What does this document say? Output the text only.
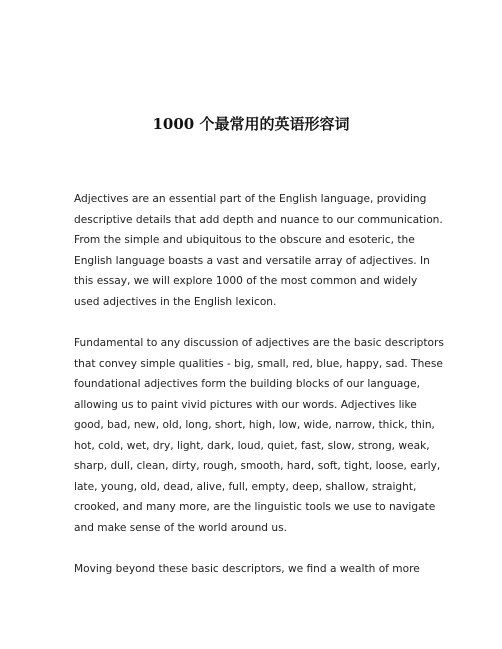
1000 个最常用的英语形容词

Adjectives are an essential part of the English language, providing
descriptive details that add depth and nuance to our communication.
From the simple and ubiquitous to the obscure and esoteric, the
English language boasts a vast and versatile array of adjectives. In
this essay, we will explore 1000 of the most common and widely
used adjectives in the English lexicon.

Fundamental to any discussion of adjectives are the basic descriptors
that convey simple qualities - big, small, red, blue, happy, sad. These
foundational adjectives form the building blocks of our language,
allowing us to paint vivid pictures with our words. Adjectives like
good, bad, new, old, long, short, high, low, wide, narrow, thick, thin,
hot, cold, wet, dry, light, dark, loud, quiet, fast, slow, strong, weak,
sharp, dull, clean, dirty, rough, smooth, hard, soft, tight, loose, early,
late, young, old, dead, alive, full, empty, deep, shallow, straight,
crooked, and many more, are the linguistic tools we use to navigate
and make sense of the world around us.

Moving beyond these basic descriptors, we find a wealth of more
